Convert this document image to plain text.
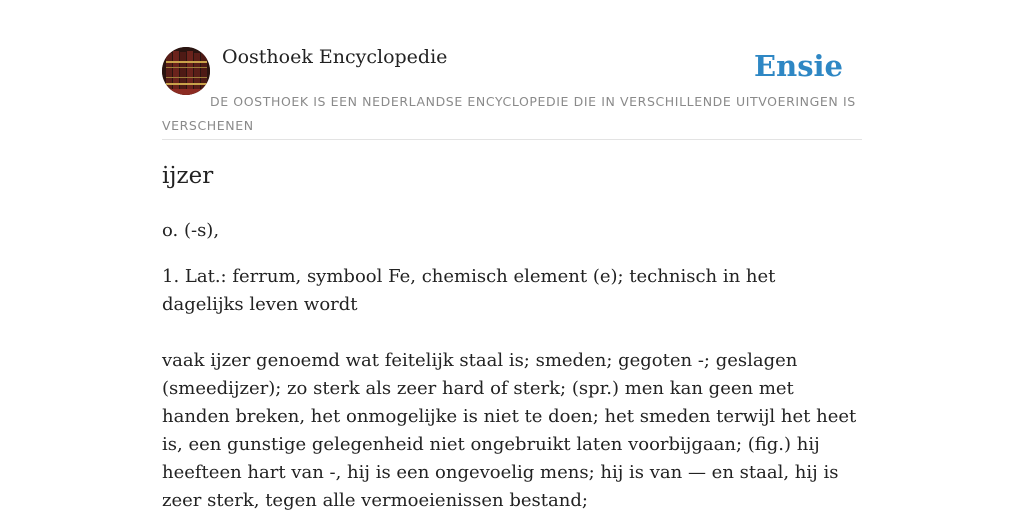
Oosthoek Encyclopedie	Ensie
DE OOSTHOEK IS EEN NEDERLANDSE ENCYCLOPEDIE DIE IN VERSCHILLENDE UITVOERINGEN IS VERSCHENEN
ijzer
o. (-s),

1. Lat.: ferrum, symbool Fe, chemisch element (e); technisch in het dagelijks leven wordt

vaak ijzer genoemd wat feitelijk staal is; smeden; gegoten -; geslagen (smeedijzer); zo sterk als zeer hard of sterk; (spr.) men kan geen met handen breken, het onmogelijke is niet te doen; het smeden terwijl het heet is, een gunstige gelegenheid niet ongebruikt laten voorbijgaan; (fig.) hij heefteen hart van -, hij is een ongevoelig mens; hij is van — en staal, hij is zeer sterk, tegen alle vermoeienissen bestand;
